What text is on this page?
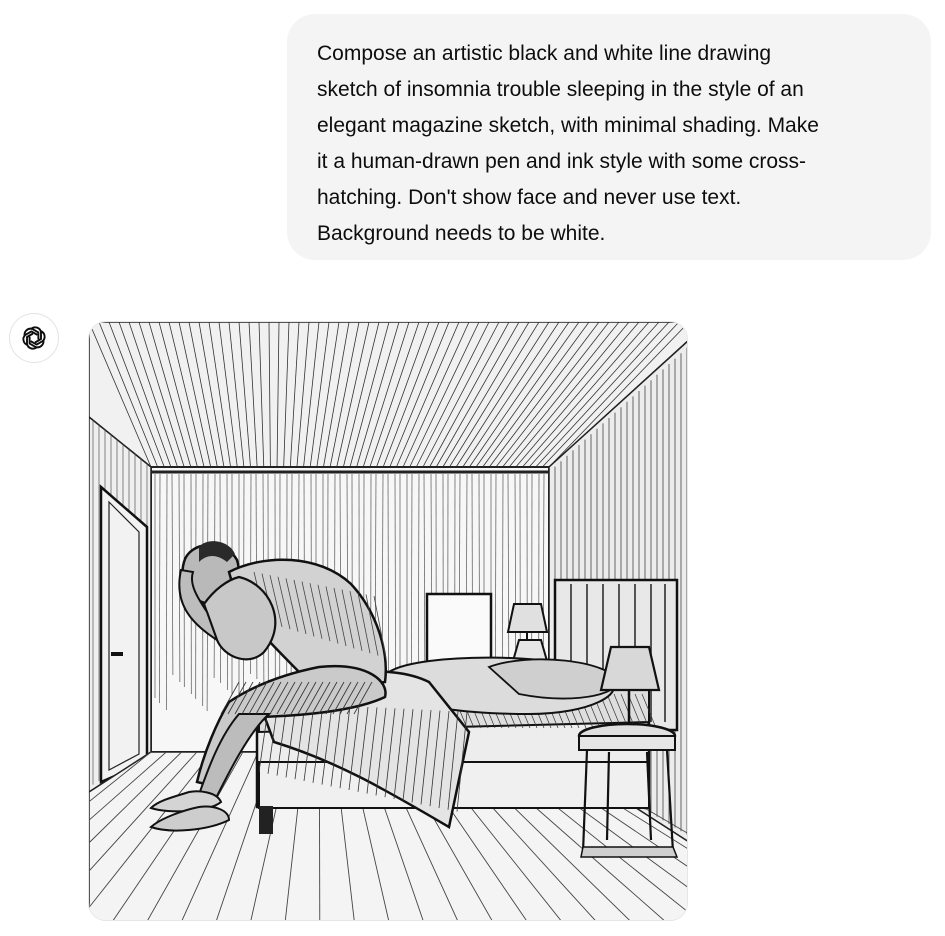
Compose an artistic black and white line drawing
sketch of insomnia trouble sleeping in the style of an
elegant magazine sketch, with minimal shading. Make
it a human-drawn pen and ink style with some cross-
hatching. Don't show face and never use text.
Background needs to be white.
